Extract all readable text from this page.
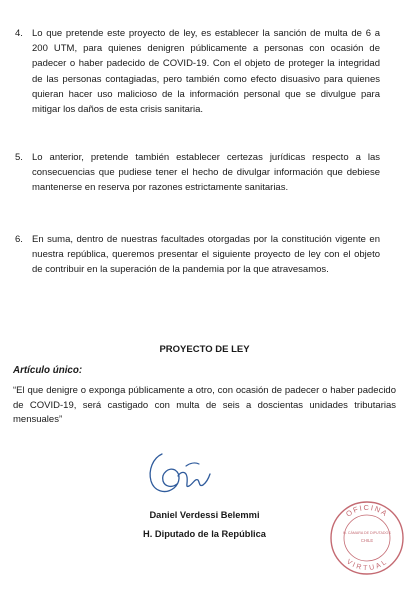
4. Lo que pretende este proyecto de ley, es establecer la sanción de multa de 6 a 200 UTM, para quienes denigren públicamente a personas con ocasión de padecer o haber padecido de COVID-19. Con el objeto de proteger la integridad de las personas contagiadas, pero también como efecto disuasivo para quienes quieran hacer uso malicioso de la información personal que se divulgue para mitigar los daños de esta crisis sanitaria.
5. Lo anterior, pretende también establecer certezas jurídicas respecto a las consecuencias que pudiese tener el hecho de divulgar información que debiese mantenerse en reserva por razones estrictamente sanitarias.
6. En suma, dentro de nuestras facultades otorgadas por la constitución vigente en nuestra república, queremos presentar el siguiente proyecto de ley con el objeto de contribuir en la superación de la pandemia por la que atravesamos.
PROYECTO DE LEY
Artículo único:
“El que denigre o exponga públicamente a otro, con ocasión de padecer o haber padecido de COVID-19, será castigado con multa de seis a doscientas unidades tributarias mensuales”
Daniel Verdessi Belemmi
H. Diputado de la República
OFICINA
VIRTUAL
H. CÁMARA DE DIPUTADOS
CHILE
